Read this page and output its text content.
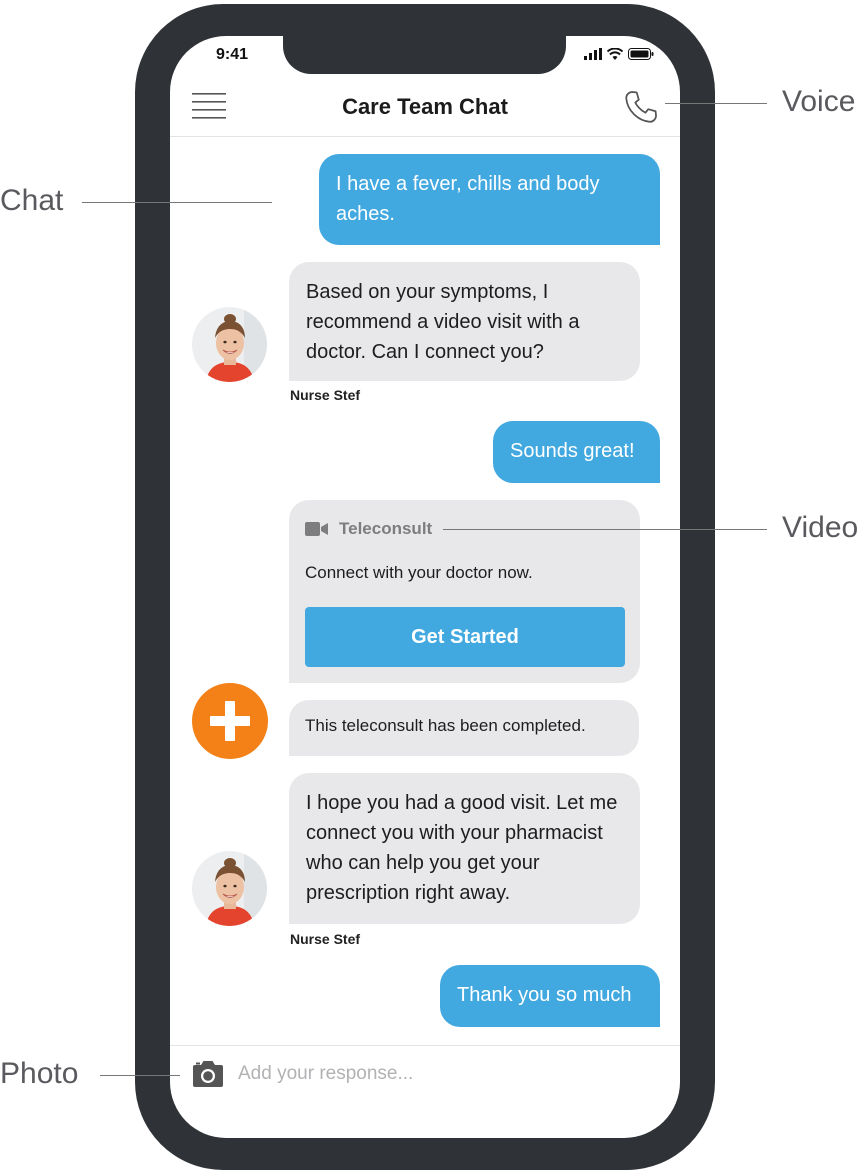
9:41
Care Team Chat
I have a fever, chills and body aches.
Based on your symptoms, I recommend a video visit with a doctor. Can I connect you?
Nurse Stef
Sounds great!
Teleconsult
Connect with your doctor now.
Get Started
This teleconsult has been completed.
I hope you had a good visit. Let me connect you with your pharmacist who can help you get your prescription right away.
Nurse Stef
Thank you so much
Add your response...
Voice
Chat
Video
Photo
